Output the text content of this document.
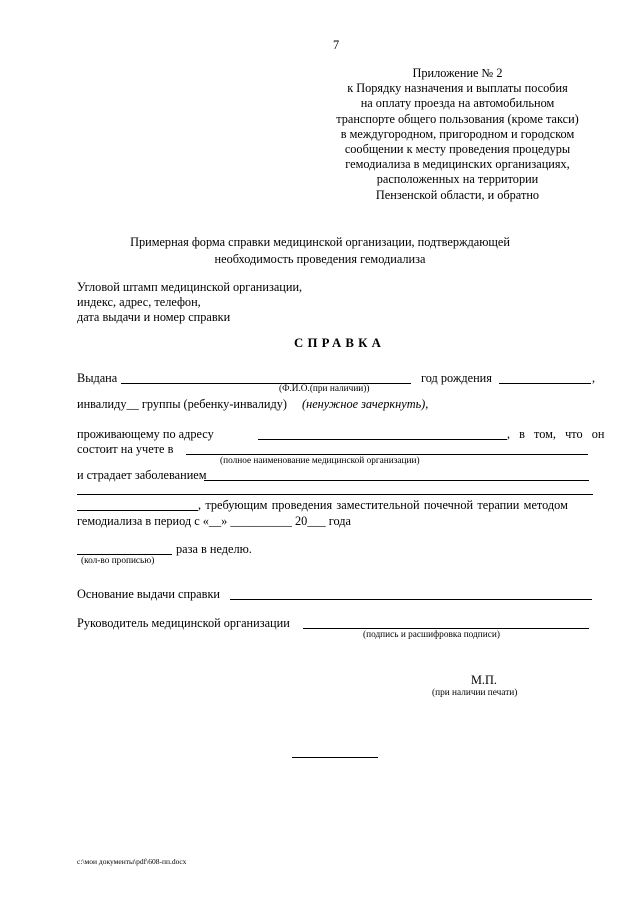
7
Приложение № 2
к Порядку назначения и выплаты пособия
на оплату проезда на автомобильном
транспорте общего пользования (кроме такси)
в междугородном, пригородном и городском
сообщении к месту проведения процедуры
гемодиализа в медицинских организациях,
расположенных на территории
Пензенской области, и обратно
Примерная форма справки медицинской организации, подтверждающей
необходимость проведения гемодиализа
Угловой штамп медицинской организации,
индекс, адрес, телефон,
дата выдачи и номер справки
СПРАВКА
Выдана	год рождения	,
(Ф.И.О.(при наличии))
инвалиду__ группы (ребенку-инвалиду) (ненужное зачеркнуть),
проживающему по адресу	, в том, что он
состоит на учете в
(полное наименование медицинской организации)
и страдает заболеванием
, требующим проведения заместительной почечной терапии методом
гемодиализа в период с «__» __________ 20___ года
раза в неделю.
(кол-во прописью)
Основание выдачи справки
Руководитель медицинской организации
(подпись и расшифровка подписи)
М.П.
(при наличии печати)
c:\мои документы\pdf\608-пп.docx
